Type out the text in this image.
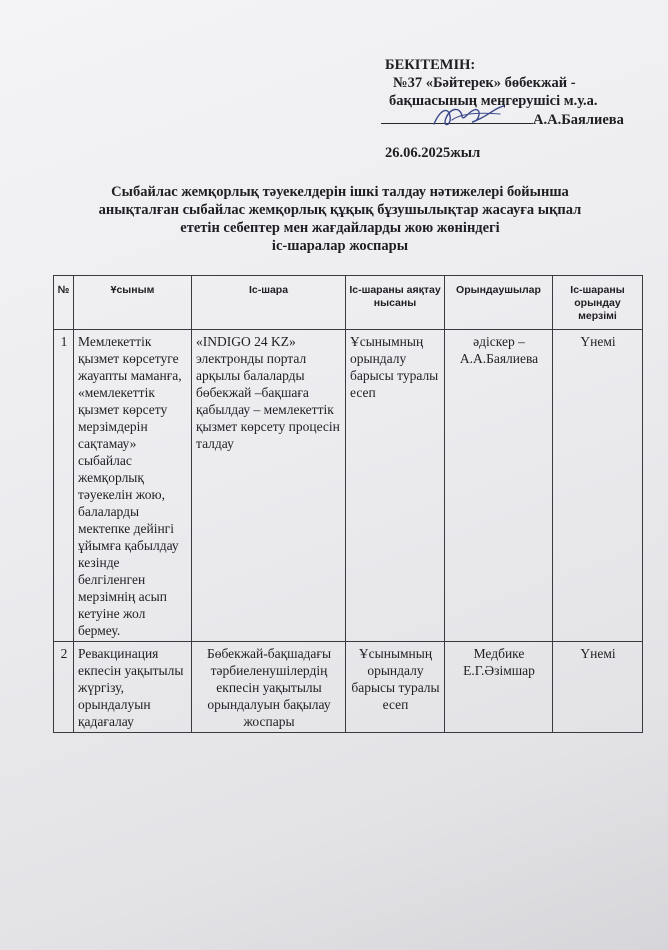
БЕКІТЕМІН:
№37 «Бәйтерек» бөбекжай -
бақшасының меңгерушісі м.у.а.
А.А.Баялиева
26.06.2025жыл
Сыбайлас жемқорлық тәуекелдерін ішкі талдау нәтижелері бойынша
анықталған сыбайлас жемқорлық құқық бұзушылықтар жасауға ықпал
ететін себептер мен жағдайларды жою жөніндегі
іс-шаралар жоспары
№	Ұсыным	Іс-шара	Іс-шараны аяқтау нысаны	Орындаушылар	Іс-шараны орындау мерзімі
1	Мемлекеттік қызмет көрсетуге жауапты маманға, «мемлекеттік қызмет көрсету мерзімдерін сақтамау» сыбайлас жемқорлық тәуекелін жою, балаларды мектепке дейінгі ұйымға қабылдау кезінде белгіленген мерзімнің асып кетуіне жол бермеу.	«INDIGO 24 KZ» электронды портал арқылы балаларды бөбекжай –бақшаға қабылдау – мемлекеттік қызмет көрсету процесін талдау	Ұсынымның орындалу барысы туралы есеп	әдіскер – А.А.Баялиева	Үнемі
2	Ревакцинация екпесін уақытылы жүргізу, орындалуын қадағалау	Бөбекжай-бақшадағы тәрбиеленушілердің екпесін уақытылы орындалуын бақылау жоспары	Ұсынымның орындалу барысы туралы есеп	Медбике Е.Г.Әзімшар	Үнемі
